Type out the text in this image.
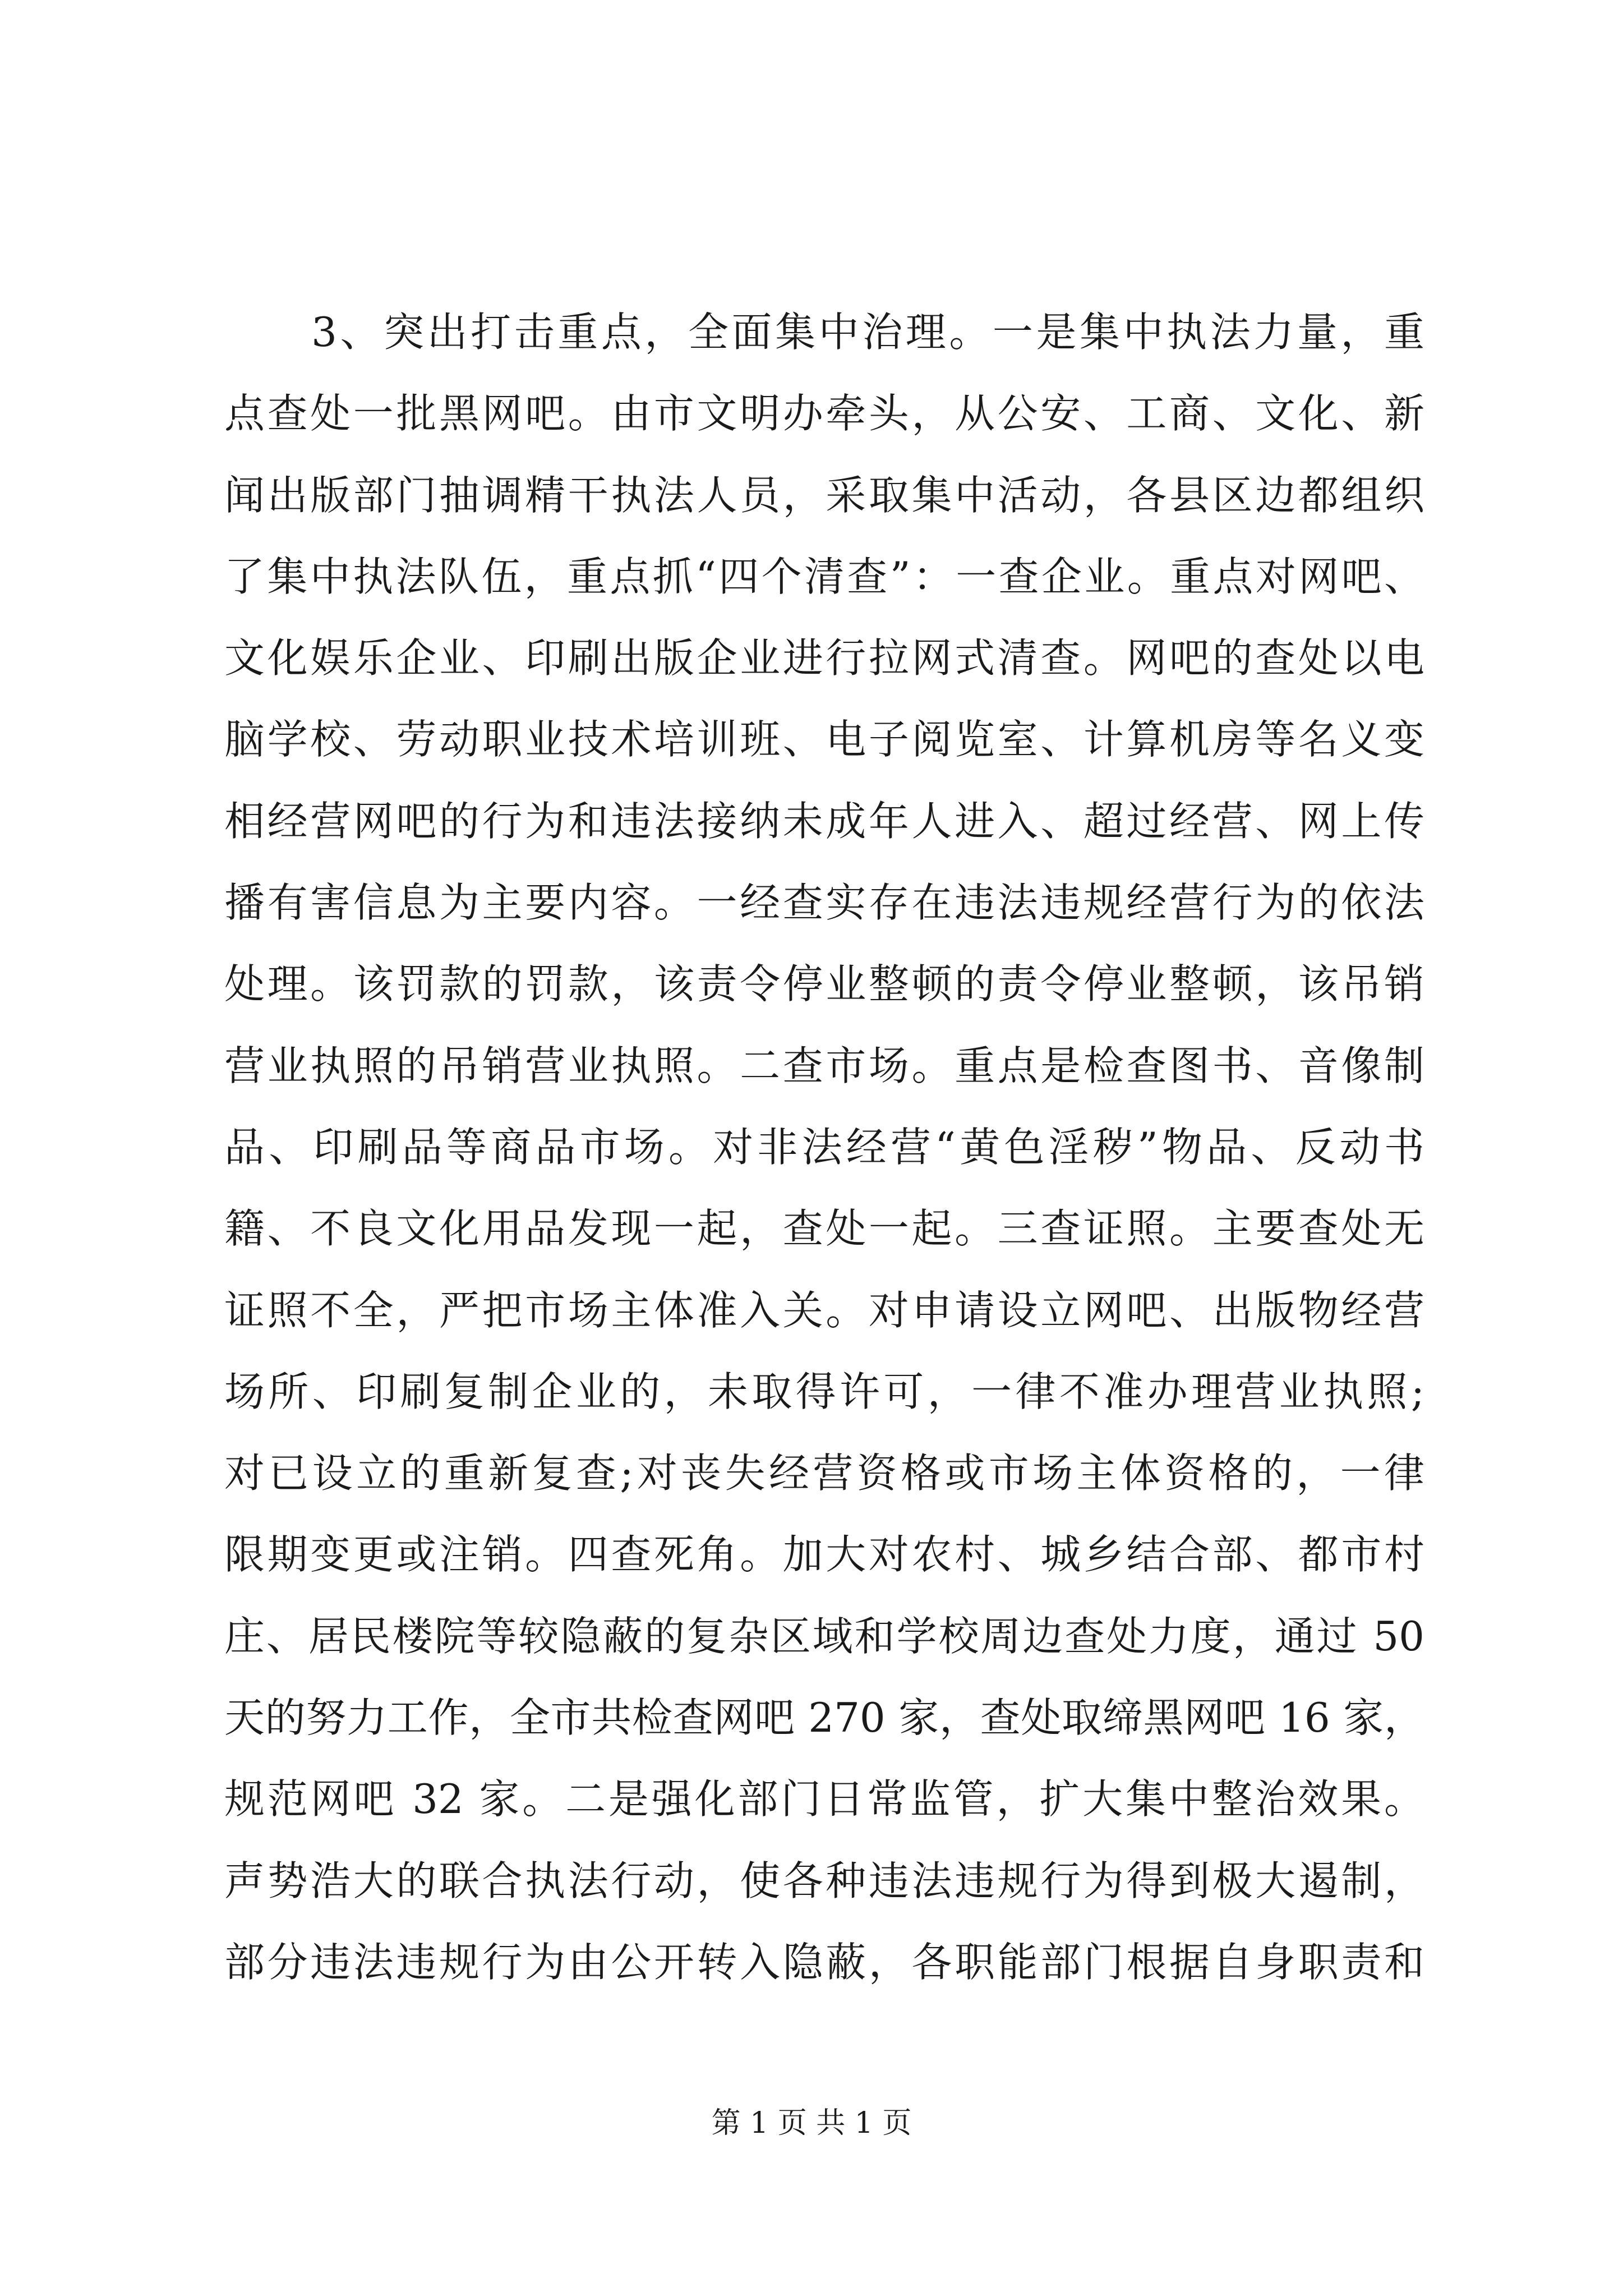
　　3、突出打击重点，全面集中治理。一是集中执法力量，重
点查处一批黑网吧。由市文明办牵头，从公安、工商、文化、新
闻出版部门抽调精干执法人员，采取集中活动，各县区边都组织
了集中执法队伍，重点抓“四个清查”：一查企业。重点对网吧、
文化娱乐企业、印刷出版企业进行拉网式清查。网吧的查处以电
脑学校、劳动职业技术培训班、电子阅览室、计算机房等名义变
相经营网吧的行为和违法接纳未成年人进入、超过经营、网上传
播有害信息为主要内容。一经查实存在违法违规经营行为的依法
处理。该罚款的罚款，该责令停业整顿的责令停业整顿，该吊销
营业执照的吊销营业执照。二查市场。重点是检查图书、音像制
品、印刷品等商品市场。对非法经营“黄色淫秽”物品、反动书
籍、不良文化用品发现一起，查处一起。三查证照。主要查处无
证照不全，严把市场主体准入关。对申请设立网吧、出版物经营
场所、印刷复制企业的，未取得许可，一律不准办理营业执照;
对已设立的重新复查;对丧失经营资格或市场主体资格的，一律
限期变更或注销。四查死角。加大对农村、城乡结合部、都市村
庄、居民楼院等较隐蔽的复杂区域和学校周边查处力度，通过 50
天的努力工作，全市共检查网吧 270 家，查处取缔黑网吧 16 家，
规范网吧 32 家。二是强化部门日常监管，扩大集中整治效果。
声势浩大的联合执法行动，使各种违法违规行为得到极大遏制，
部分违法违规行为由公开转入隐蔽，各职能部门根据自身职责和
第 1 页 共 1 页
